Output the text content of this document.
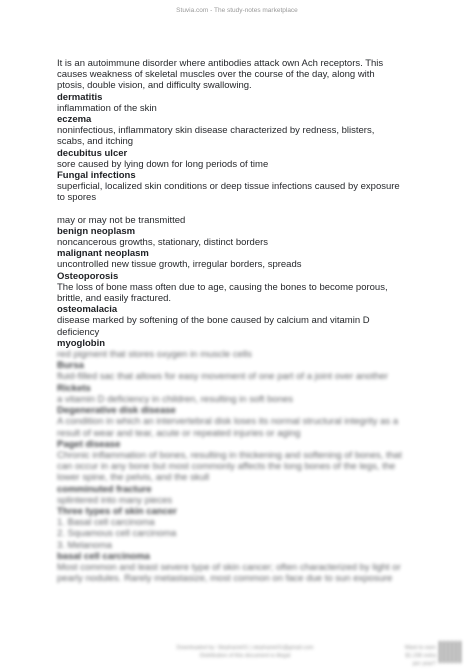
Stuvia.com - The study-notes marketplace

It is an autoimmune disorder where antibodies attack own Ach receptors. This causes weakness of skeletal muscles over the course of the day, along with ptosis, double vision, and difficulty swallowing.

dermatitis
inflammation of the skin
eczema
noninfectious, inflammatory skin disease characterized by redness, blisters, scabs, and itching
decubitus ulcer
sore caused by lying down for long periods of time
Fungal infections
superficial, localized skin conditions or deep tissue infections caused by exposure to spores
may or may not be transmitted
benign neoplasm
noncancerous growths, stationary, distinct borders
malignant neoplasm
uncontrolled new tissue growth, irregular borders, spreads
Osteoporosis
The loss of bone mass often due to age, causing the bones to become porous, brittle, and easily fractured.
osteomalacia
disease marked by softening of the bone caused by calcium and vitamin D deficiency
myoglobin
red pigment that stores oxygen in muscle cells
Bursa
fluid-filled sac that allows for easy movement of one part of a joint over another
Rickets
a vitamin D deficiency in children, resulting in soft bones
Degenerative disk disease
A condition in which an intervertebral disk loses its normal structural integrity as a result of wear and tear, acute or repeated injuries or aging
Paget disease
Chronic inflammation of bones, resulting in thickening and softening of bones, that can occur in any bone but most commonly affects the long bones of the legs, the lower spine, the pelvis, and the skull
comminuted fracture
splintered into many pieces
Three types of skin cancer
1. Basal cell carcinoma
2. Squamous cell carcinoma
3. Melanoma
basal cell carcinoma
Most common and least severe type of skin cancer; often characterized by light or pearly nodules. Rarely metastasize, most common on face due to sun exposure
Downloaded by: Stephanie01 | stephanie01@gmail.com
Distribution of this document is illegal
Want to earn
$1.236 extra per year?
